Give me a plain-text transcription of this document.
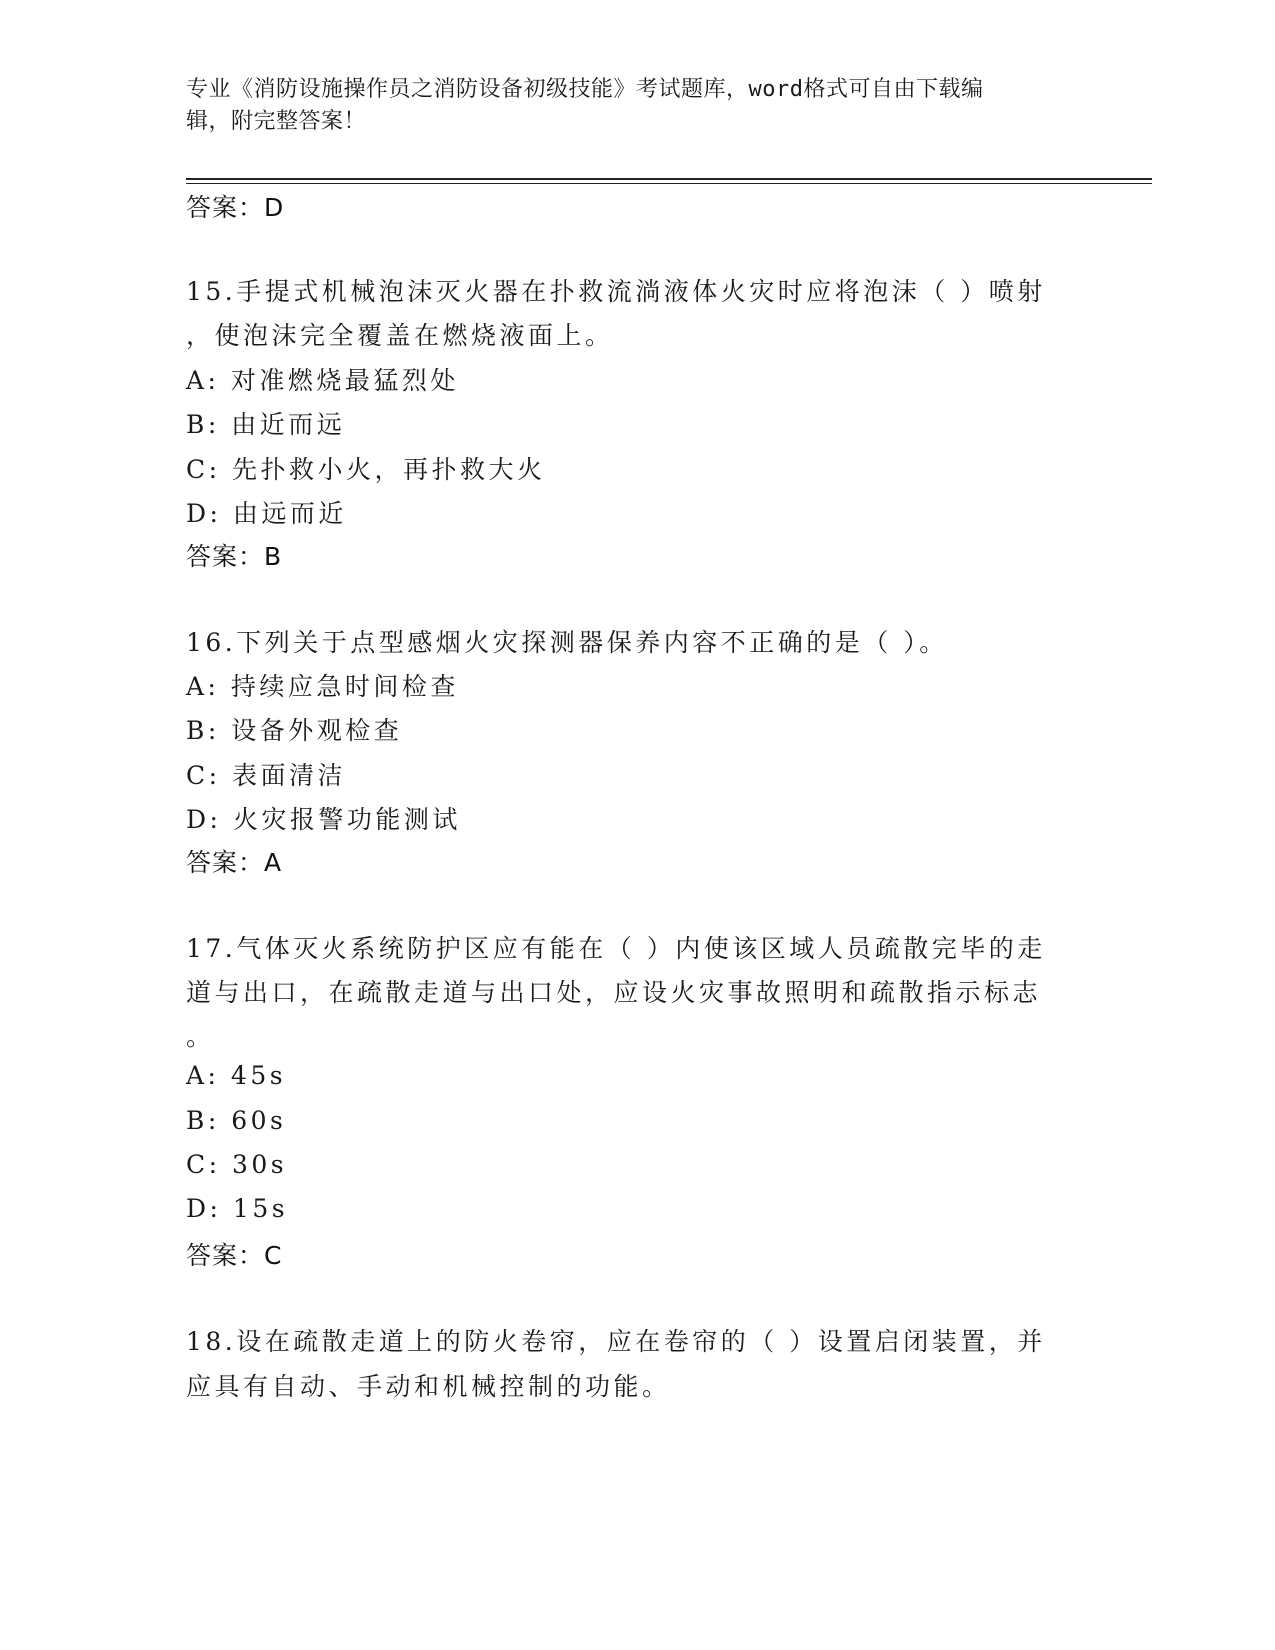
专业《消防设施操作员之消防设备初级技能》考试题库，word格式可自由下载编
辑，附完整答案！
答案：D
15.手提式机械泡沫灭火器在扑救流淌液体火灾时应将泡沫（ ）喷射
，使泡沫完全覆盖在燃烧液面上。
A: 对准燃烧最猛烈处
B: 由近而远
C: 先扑救小火，再扑救大火
D: 由远而近
答案：B
16.下列关于点型感烟火灾探测器保养内容不正确的是（ ）。
A: 持续应急时间检查
B: 设备外观检查
C: 表面清洁
D: 火灾报警功能测试
答案：A
17.气体灭火系统防护区应有能在（ ）内使该区域人员疏散完毕的走
道与出口，在疏散走道与出口处，应设火灾事故照明和疏散指示标志
。
A: 45s
B: 60s
C: 30s
D: 15s
答案：C
18.设在疏散走道上的防火卷帘，应在卷帘的（ ）设置启闭装置，并
应具有自动、手动和机械控制的功能。
